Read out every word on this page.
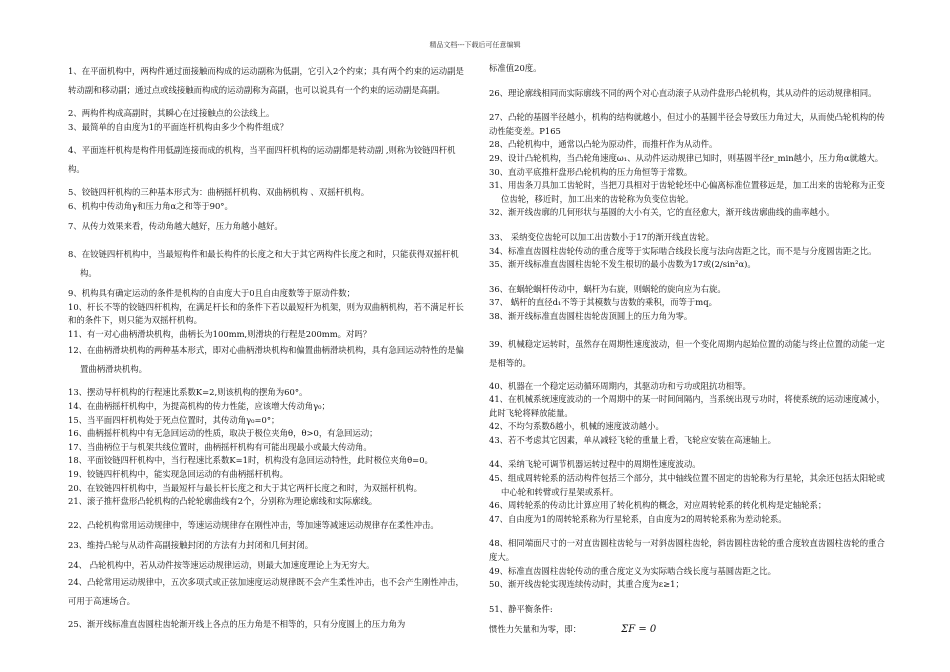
精品文档---下载后可任意编辑
1、在平面机构中，两构件通过面接触而构成的运动副称为低副，它引入2个约束；具有两个约束的运动副是转动副和移动副；通过点或线接触而构成的运动副称为高副，也可以说具有一个约束的运动副是高副。
2、两构件构成高副时，其瞬心在过接触点的公法线上。
3、最简单的自由度为1的平面连杆机构由多少个构件组成？
4、平面连杆机构是构件用低副连接而成的机构，当平面四杆机构的运动副都是转动副 ,则称为铰链四杆机构。
5、铰链四杆机构的三种基本形式为：曲柄摇杆机构、双曲柄机构 、双摇杆机构。
6、机构中传动角γ和压力角α之和等于90°。
7、从传力效果来看，传动角越大越好，压力角越小越好。
8、在铰链四杆机构中，当最短构件和最长构件的长度之和大于其它两构件长度之和时，只能获得双摇杆机构。
9、机构具有确定运动的条件是机构的自由度大于0且自由度数等于原动件数；
10、杆长不等的铰链四杆机构，在满足杆长和的条件下若以最短杆为机架，则为双曲柄机构，若不满足杆长和的条件下，则只能为双摇杆机构。
11、有一对心曲柄滑块机构，曲柄长为100mm,则滑块的行程是200mm。对吗？
12、在曲柄滑块机构的两种基本形式，即对心曲柄滑块机构和偏置曲柄滑块机构，具有急回运动特性的是偏置曲柄滑块机构。
13、摆动导杆机构的行程速比系数K=2,则该机构的摆角为60°。
14、在曲柄摇杆机构中，为提高机构的传力性能，应该增大传动角γ₀；
15、当平面四杆机构处于死点位置时，其传动角γ₀=0°；
16、曲柄摇杆机构中有无急回运动的性质，取决于极位夹角θ，θ>0，有急回运动；
17、当曲柄位于与机架共线位置时，曲柄摇杆机构有可能出现最小或最大传动角。
18、平面铰链四杆机构中，当行程速比系数K=1时，机构没有急回运动特性，此时极位夹角θ=0。
19、铰链四杆机构中，能实现急回运动的有曲柄摇杆机构。
20、在铰链四杆机构中，当最短杆与最长杆长度之和大于其它两杆长度之和时，为双摇杆机构。
21、滚子推杆盘形凸轮机构的凸轮轮廓曲线有2个，分别称为理论廓线和实际廓线。
22、凸轮机构常用运动规律中，等速运动规律存在刚性冲击，等加速等减速运动规律存在柔性冲击。
23、维持凸轮与从动件高副接触封闭的方法有力封闭和几何封闭。
24、 凸轮机构中，若从动件按等速运动规律运动，则最大加速度理论上为无穷大。
24、凸轮常用运动规律中，五次多项式或正弦加速度运动规律既不会产生柔性冲击，也不会产生刚性冲击，可用于高速场合。
25、渐开线标准直齿圆柱齿轮渐开线上各点的压力角是不相等的，只有分度圆上的压力角为
标准值20度。
26、理论廓线相同而实际廓线不同的两个对心直动滚子从动件盘形凸轮机构，其从动件的运动规律相同。
27、凸轮的基圆半径越小，机构的结构就越小，但过小的基圆半径会导致压力角过大，从而使凸轮机构的传动性能变差。P165
28、凸轮机构中，通常以凸轮为原动件，而推杆作为从动件。
29、设计凸轮机构，当凸轮角速度ω₁、从动件运动规律已知时，则基圆半径r_min越小，压力角α就越大。
30、直动平底推杆盘形凸轮机构的压力角恒等于常数。
31、用齿条刀具加工齿轮时，当把刀具相对于齿轮轮坯中心偏离标准位置移远是，加工出来的齿轮称为正变位齿轮，移近时，加工出来的齿轮称为负变位齿轮。
32、渐开线齿廓的几何形状与基圆的大小有关，它的直径愈大，渐开线齿廓曲线的曲率越小。
33、 采纳变位齿轮可以加工出齿数小于17的渐开线直齿轮。
34、标准直齿圆柱齿轮传动的重合度等于实际啮合线段长度与法向齿距之比，而不是与分度圆齿距之比。
35、渐开线标准直齿圆柱齿轮不发生根切的最小齿数为17或(2/sin²α)。
36、在蜗轮蜗杆传动中，蜗杆为右旋，则蜗轮的旋向应为右旋。
37、 蜗杆的直径d₁不等于其模数与齿数的乘积，而等于mq。
38、渐开线标准直齿圆柱齿轮齿顶圆上的压力角为零。
39、机械稳定运转时，虽然存在周期性速度波动，但一个变化周期内起始位置的动能与终止位置的动能一定是相等的。
40、机器在一个稳定运动循环周期内，其驱动功和亏功或阻抗功相等。
41、在机械系统速度波动的一个周期中的某一时间间隔内，当系统出现亏功时，将使系统的运动速度减小，此时飞轮将释放能量。
42、不均匀系数δ越小，机械的速度波动越小。
43、若不考虑其它因素，单从减轻飞轮的重量上看，飞轮应安装在高速轴上。
44、采纳飞轮可调节机器运转过程中的周期性速度波动。
45、组成周转轮系的活动构件包括三个部分，其中轴线位置不固定的齿轮称为行星轮，其余还包括太阳轮或中心轮和转臂或行星架或系杆。
46、周转轮系的传动比计算应用了转化机构的概念，对应周转轮系的转化机构是定轴轮系；
47、自由度为1的周转轮系称为行星轮系，自由度为2的周转轮系称为差动轮系。
48、相同端面尺寸的一对直齿圆柱齿轮与一对斜齿圆柱齿轮，斜齿圆柱齿轮的重合度较直齿圆柱齿轮的重合度大。
49、标准直齿圆柱齿轮传动的重合度定义为实际啮合线长度与基圆齿距之比。
50、渐开线齿轮实现连续传动时，其重合度为ε≥1；
51、静平衡条件:
惯性力矢量和为零，即：	ΣF = 0
